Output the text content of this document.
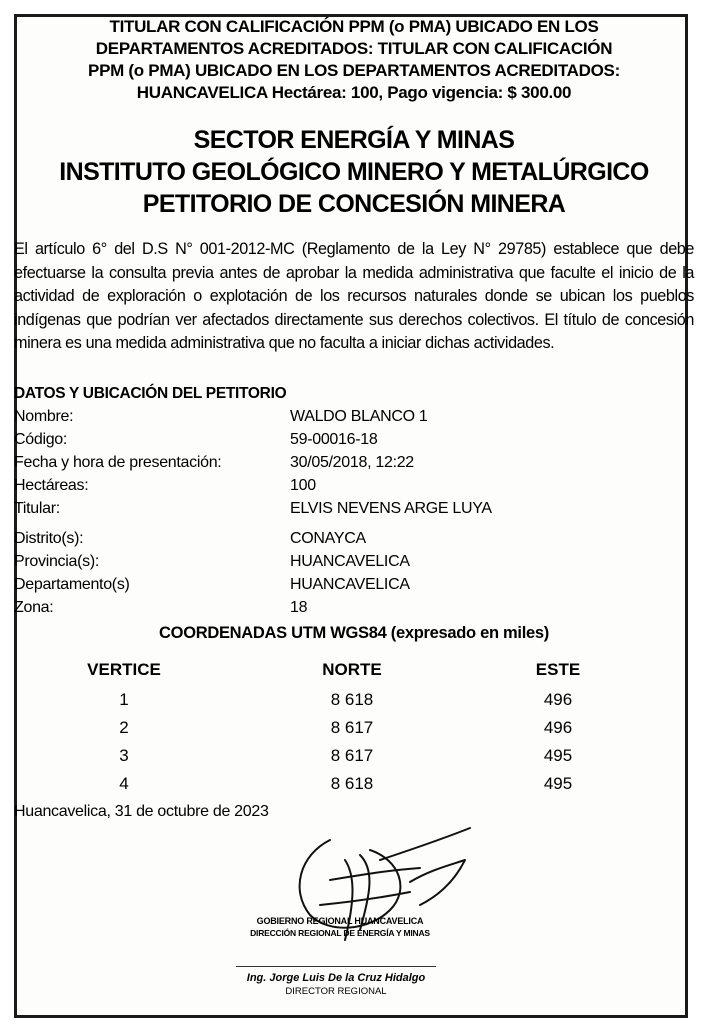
TITULAR CON CALIFICACIÓN PPM (o PMA) UBICADO EN LOS
DEPARTAMENTOS ACREDITADOS: TITULAR CON CALIFICACIÓN
PPM (o PMA) UBICADO EN LOS DEPARTAMENTOS ACREDITADOS:
HUANCAVELICA Hectárea: 100, Pago vigencia: $ 300.00
SECTOR ENERGÍA Y MINAS
INSTITUTO GEOLÓGICO MINERO Y METALÚRGICO
PETITORIO DE CONCESIÓN MINERA
El artículo 6° del D.S N° 001-2012-MC (Reglamento de la Ley N° 29785) establece que debe efectuarse la consulta previa antes de aprobar la medida administrativa que faculte el inicio de la actividad de exploración o explotación de los recursos naturales donde se ubican los pueblos indígenas que podrían ver afectados directamente sus derechos colectivos. El título de concesión minera es una medida administrativa que no faculta a iniciar dichas actividades.
DATOS Y UBICACIÓN DEL PETITORIO
Nombre:	WALDO BLANCO 1
Código:	59-00016-18
Fecha y hora de presentación:	30/05/2018, 12:22
Hectáreas:	100
Titular:	ELVIS NEVENS ARGE LUYA
Distrito(s):	CONAYCA
Provincia(s):	HUANCAVELICA
Departamento(s)	HUANCAVELICA
Zona:	18
COORDENADAS UTM WGS84 (expresado en miles)
VERTICE	NORTE	ESTE
1	8 618	496
2	8 617	496
3	8 617	495
4	8 618	495
Huancavelica, 31 de octubre de 2023
GOBIERNO REGIONAL HUANCAVELICA
DIRECCIÓN REGIONAL DE ENERGÍA Y MINAS
Ing. Jorge Luis De la Cruz Hidalgo
DIRECTOR REGIONAL
